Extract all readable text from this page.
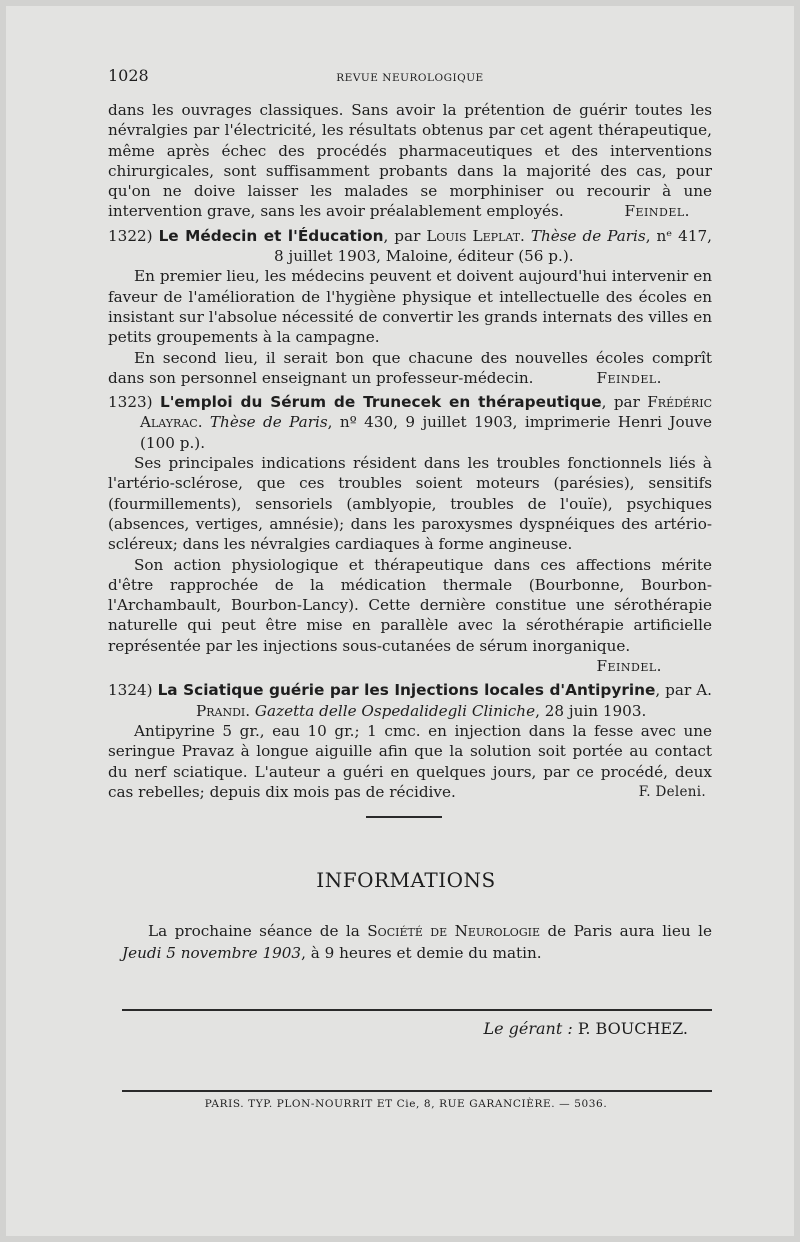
1028	REVUE NEUROLOGIQUE

dans les ouvrages classiques. Sans avoir la prétention de guérir toutes les névralgies par l'électricité, les résultats obtenus par cet agent thérapeutique, même après échec des procédés pharmaceutiques et des interventions chirurgicales, sont suffisamment probants dans la majorité des cas, pour qu'on ne doive laisser les malades se morphiniser ou recourir à une intervention grave, sans les avoir préalablement employés.	Feindel.

1322) Le Médecin et l'Éducation, par Louis Leplat. Thèse de Paris, nᵉ 417, 8 juillet 1903, Maloine, éditeur (56 p.).

En premier lieu, les médecins peuvent et doivent aujourd'hui intervenir en faveur de l'amélioration de l'hygiène physique et intellectuelle des écoles en insistant sur l'absolue nécessité de convertir les grands internats des villes en petits groupements à la campagne.

En second lieu, il serait bon que chacune des nouvelles écoles comprît dans son personnel enseignant un professeur-médecin.	Feindel.

1323) L'emploi du Sérum de Trunecek en thérapeutique, par Frédéric Alayrac. Thèse de Paris, nº 430, 9 juillet 1903, imprimerie Henri Jouve (100 p.).

Ses principales indications résident dans les troubles fonctionnels liés à l'artério-sclérose, que ces troubles soient moteurs (parésies), sensitifs (fourmillements), sensoriels (amblyopie, troubles de l'ouïe), psychiques (absences, vertiges, amnésie); dans les paroxysmes dyspnéiques des artério-scléreux; dans les névralgies cardiaques à forme angineuse.

Son action physiologique et thérapeutique dans ces affections mérite d'être rapprochée de la médication thermale (Bourbonne, Bourbon-l'Archambault, Bourbon-Lancy). Cette dernière constitue une sérothérapie naturelle qui peut être mise en parallèle avec la sérothérapie artificielle représentée par les injections sous-cutanées de sérum inorganique.
Feindel.

1324) La Sciatique guérie par les Injections locales d'Antipyrine, par A. Prandi. Gazetta delle Ospedalidegli Cliniche, 28 juin 1903.

Antipyrine 5 gr., eau 10 gr.; 1 cmc. en injection dans la fesse avec une seringue Pravaz à longue aiguille afin que la solution soit portée au contact du nerf sciatique. L'auteur a guéri en quelques jours, par ce procédé, deux cas rebelles; depuis dix mois pas de récidive.	F. Deleni.

INFORMATIONS

La prochaine séance de la Société de Neurologie de Paris aura lieu le Jeudi 5 novembre 1903, à 9 heures et demie du matin.

Le gérant : P. BOUCHEZ.
PARIS. TYP. PLON-NOURRIT ET Cie, 8, RUE GARANCIÈRE. — 5036.
